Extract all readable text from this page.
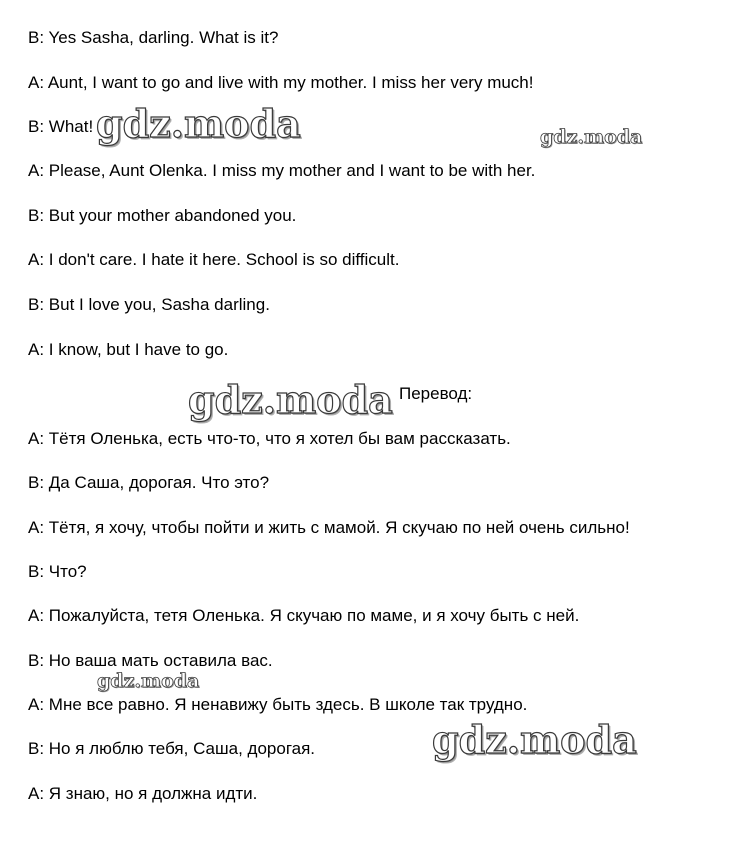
B: Yes Sasha, darling. What is it?
A: Aunt, I want to go and live with my mother. I miss her very much!
B: What!
A: Please, Aunt Olenka. I miss my mother and I want to be with her.
B: But your mother abandoned you.
A: I don't care. I hate it here. School is so difficult.
B: But I love you, Sasha darling.
A: I know, but I have to go.
Перевод:
А: Тётя Оленька, есть что-то, что я хотел бы вам рассказать.
В: Да Саша, дорогая. Что это?
А: Тётя, я хочу, чтобы пойти и жить с мамой. Я скучаю по ней очень сильно!
В: Что?
А: Пожалуйста, тетя Оленька. Я скучаю по маме, и я хочу быть с ней.
В: Но ваша мать оставила вас.
А: Мне все равно. Я ненавижу быть здесь. В школе так трудно.
В: Но я люблю тебя, Саша, дорогая.
А: Я знаю, но я должна идти.
gdz.moda	gdz.moda
gdz.moda
gdz.moda
gdz.moda
